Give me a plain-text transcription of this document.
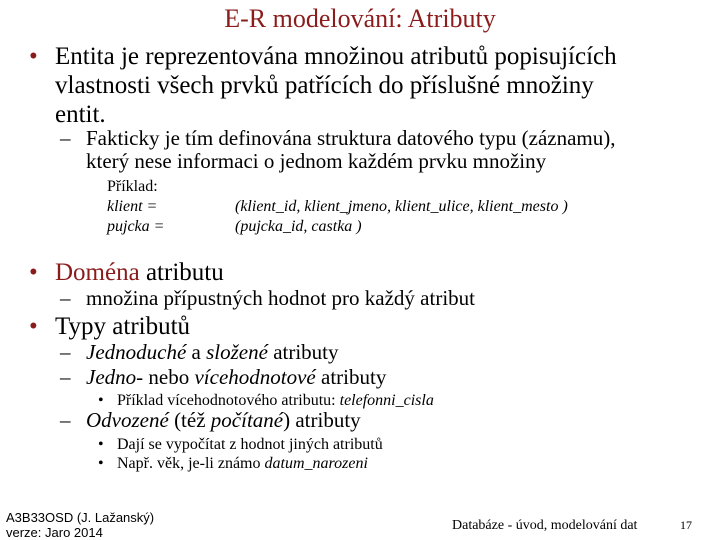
E-R modelování: Atributy
• Entita je reprezentována množinou atributů popisujících
vlastnosti všech prvků patřících do příslušné množiny
entit.
– Fakticky je tím definována struktura datového typu (záznamu),
který nese informaci o jednom každém prvku množiny
Příklad:
klient =	(klient_id, klient_jmeno, klient_ulice, klient_mesto )
pujcka =	(pujcka_id, castka )
• Doména atributu
– množina přípustných hodnot pro každý atribut
• Typy atributů
– Jednoduché a složené atributy
– Jedno- nebo vícehodnotové atributy
• Příklad vícehodnotového atributu: telefonni_cisla
– Odvozené (též počítané) atributy
• Dají se vypočítat z hodnot jiných atributů
• Např. věk, je-li známo datum_narozeni
A3B33OSD (J. Lažanský)
verze: Jaro 2014	Databáze - úvod, modelování dat	17
